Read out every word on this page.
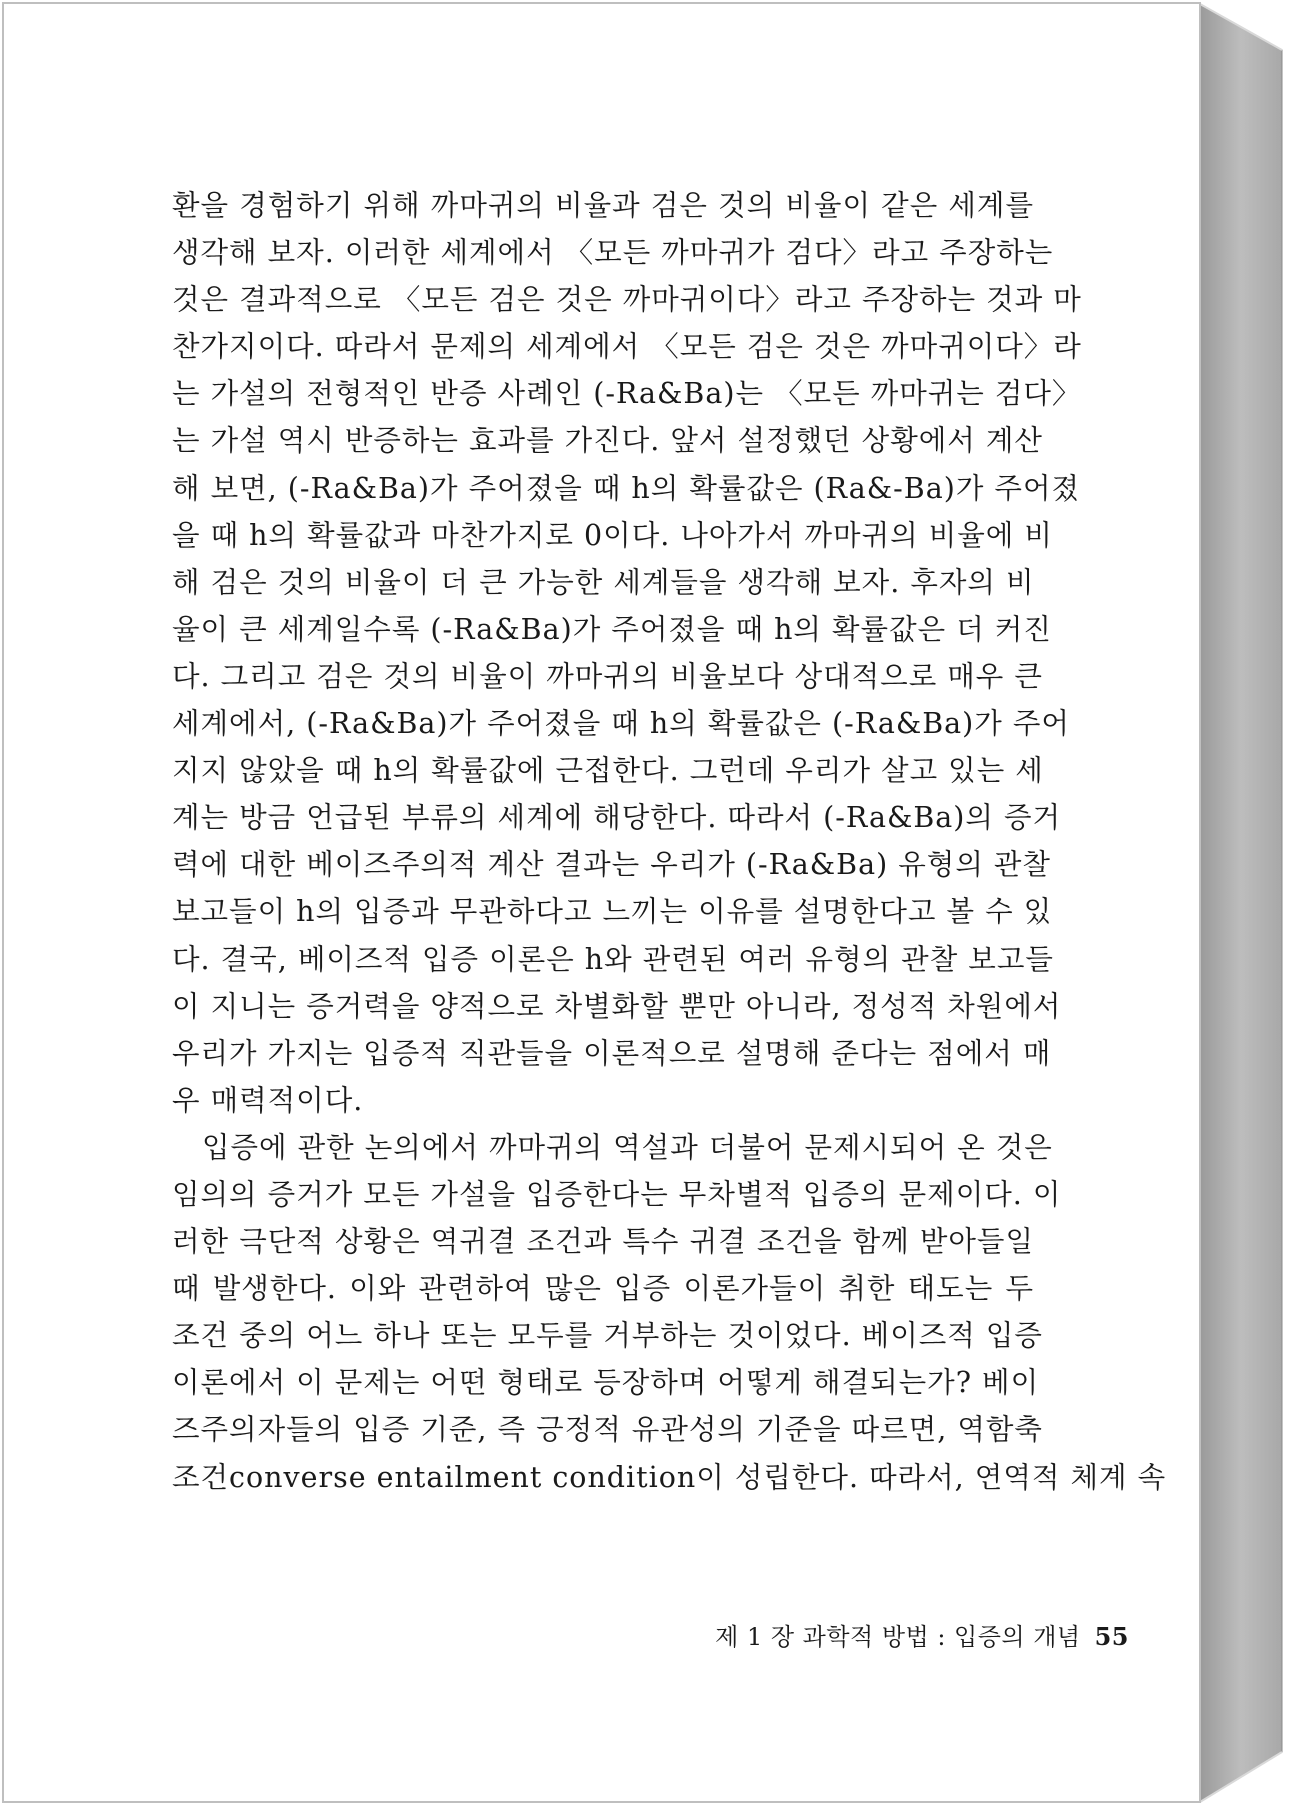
환을 경험하기 위해 까마귀의 비율과 검은 것의 비율이 같은 세계를
생각해 보자. 이러한 세계에서 〈모든 까마귀가 검다〉라고 주장하는
것은 결과적으로 〈모든 검은 것은 까마귀이다〉라고 주장하는 것과 마
찬가지이다. 따라서 문제의 세계에서 〈모든 검은 것은 까마귀이다〉라
는 가설의 전형적인 반증 사례인 (-Ra&Ba)는 〈모든 까마귀는 검다〉
는 가설 역시 반증하는 효과를 가진다. 앞서 설정했던 상황에서 계산
해 보면, (-Ra&Ba)가 주어졌을 때 h의 확률값은 (Ra&-Ba)가 주어졌
을 때 h의 확률값과 마찬가지로 0이다. 나아가서 까마귀의 비율에 비
해 검은 것의 비율이 더 큰 가능한 세계들을 생각해 보자. 후자의 비
율이 큰 세계일수록 (-Ra&Ba)가 주어졌을 때 h의 확률값은 더 커진
다. 그리고 검은 것의 비율이 까마귀의 비율보다 상대적으로 매우 큰
세계에서, (-Ra&Ba)가 주어졌을 때 h의 확률값은 (-Ra&Ba)가 주어
지지 않았을 때 h의 확률값에 근접한다. 그런데 우리가 살고 있는 세
계는 방금 언급된 부류의 세계에 해당한다. 따라서 (-Ra&Ba)의 증거
력에 대한 베이즈주의적 계산 결과는 우리가 (-Ra&Ba) 유형의 관찰
보고들이 h의 입증과 무관하다고 느끼는 이유를 설명한다고 볼 수 있
다. 결국, 베이즈적 입증 이론은 h와 관련된 여러 유형의 관찰 보고들
이 지니는 증거력을 양적으로 차별화할 뿐만 아니라, 정성적 차원에서
우리가 가지는 입증적 직관들을 이론적으로 설명해 준다는 점에서 매
우 매력적이다.
입증에 관한 논의에서 까마귀의 역설과 더불어 문제시되어 온 것은
임의의 증거가 모든 가설을 입증한다는 무차별적 입증의 문제이다. 이
러한 극단적 상황은 역귀결 조건과 특수 귀결 조건을 함께 받아들일
때 발생한다. 이와 관련하여 많은 입증 이론가들이 취한 태도는 두
조건 중의 어느 하나 또는 모두를 거부하는 것이었다. 베이즈적 입증
이론에서 이 문제는 어떤 형태로 등장하며 어떻게 해결되는가? 베이
즈주의자들의 입증 기준, 즉 긍정적 유관성의 기준을 따르면, 역함축
조건converse entailment condition이 성립한다. 따라서, 연역적 체계 속
제 1 장 과학적 방법 : 입증의 개념 55
